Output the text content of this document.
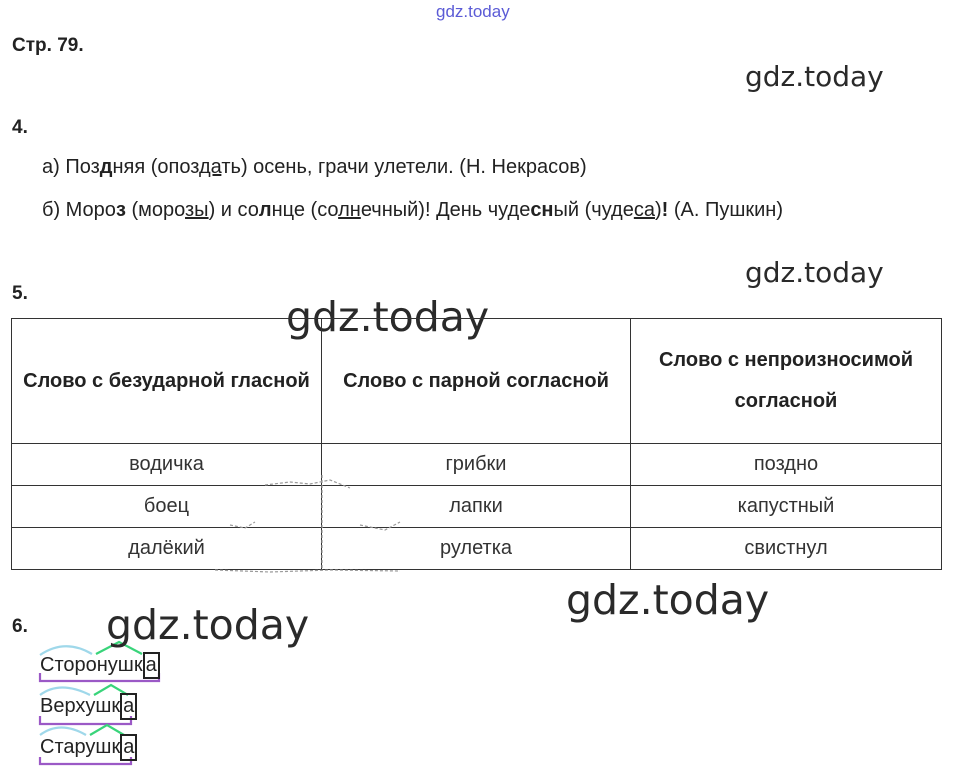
gdz.today
gdz.today
gdz.today
gdz.today
gdz.today
gdz.today
Стр. 79.
4.
а) Поздняя (опоздать) осень, грачи улетели. (Н. Некрасов)
б) Мороз (морозы) и солнце (солнечный)! День чудесный (чудеса)! (А. Пушкин)
5.
Слово с безударной гласной	Слово с парной согласной	Слово с непроизносимой согласной
водичка	грибки	поздно
боец	лапки	капустный
далёкий	рулетка	свистнул
6.
Сторонушк а
Верхушк а
Старушк а
